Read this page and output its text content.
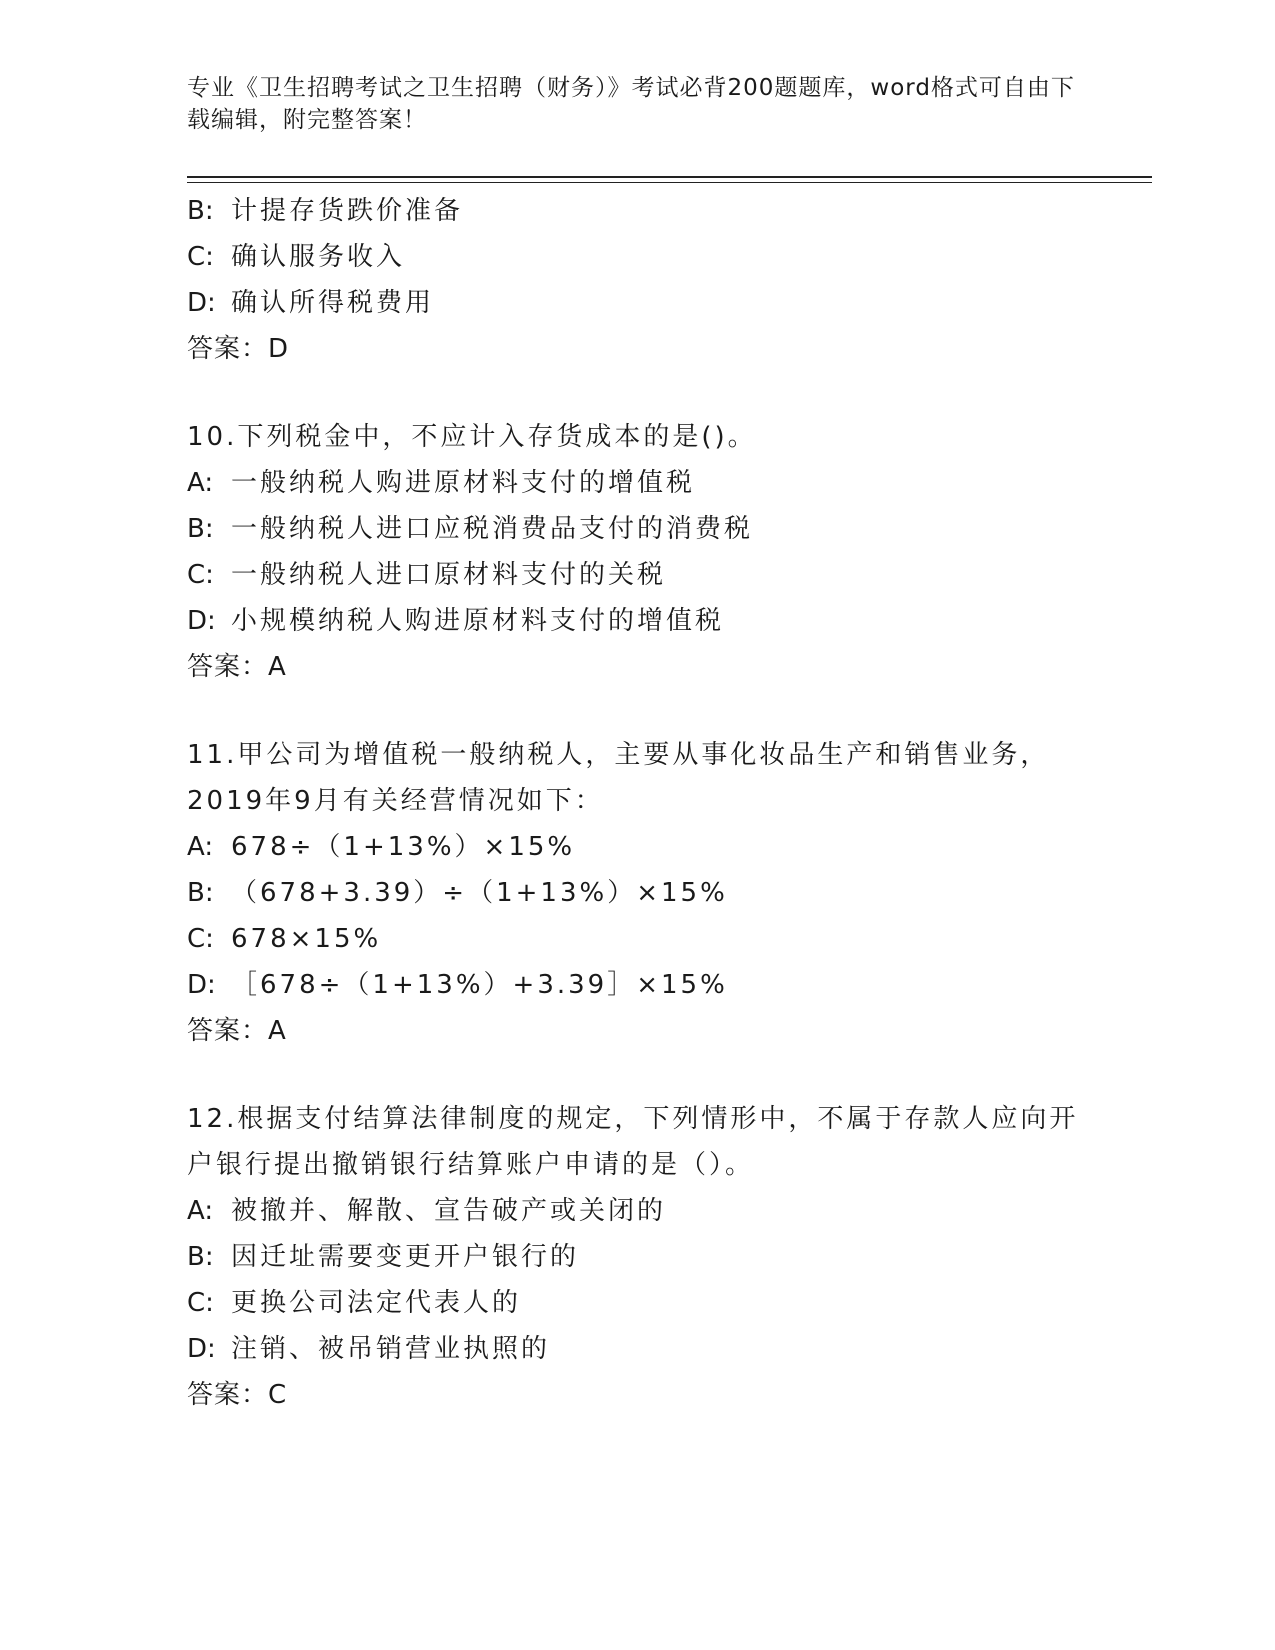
专业《卫生招聘考试之卫生招聘（财务）》考试必背200题题库，word格式可自由下载编辑，附完整答案！
B: 计提存货跌价准备
C: 确认服务收入
D: 确认所得税费用
答案：D
10.下列税金中，不应计入存货成本的是()。
A: 一般纳税人购进原材料支付的增值税
B: 一般纳税人进口应税消费品支付的消费税
C: 一般纳税人进口原材料支付的关税
D: 小规模纳税人购进原材料支付的增值税
答案：A
11.甲公司为增值税一般纳税人，主要从事化妆品生产和销售业务，
2019年9月有关经营情况如下：
A: 678÷（1+13%）×15%
B: （678+3.39）÷（1+13%）×15%
C: 678×15%
D: ［678÷（1+13%）+3.39］×15%
答案：A
12.根据支付结算法律制度的规定，下列情形中，不属于存款人应向开
户银行提出撤销银行结算账户申请的是（）。
A: 被撤并、解散、宣告破产或关闭的
B: 因迁址需要变更开户银行的
C: 更换公司法定代表人的
D: 注销、被吊销营业执照的
答案：C
